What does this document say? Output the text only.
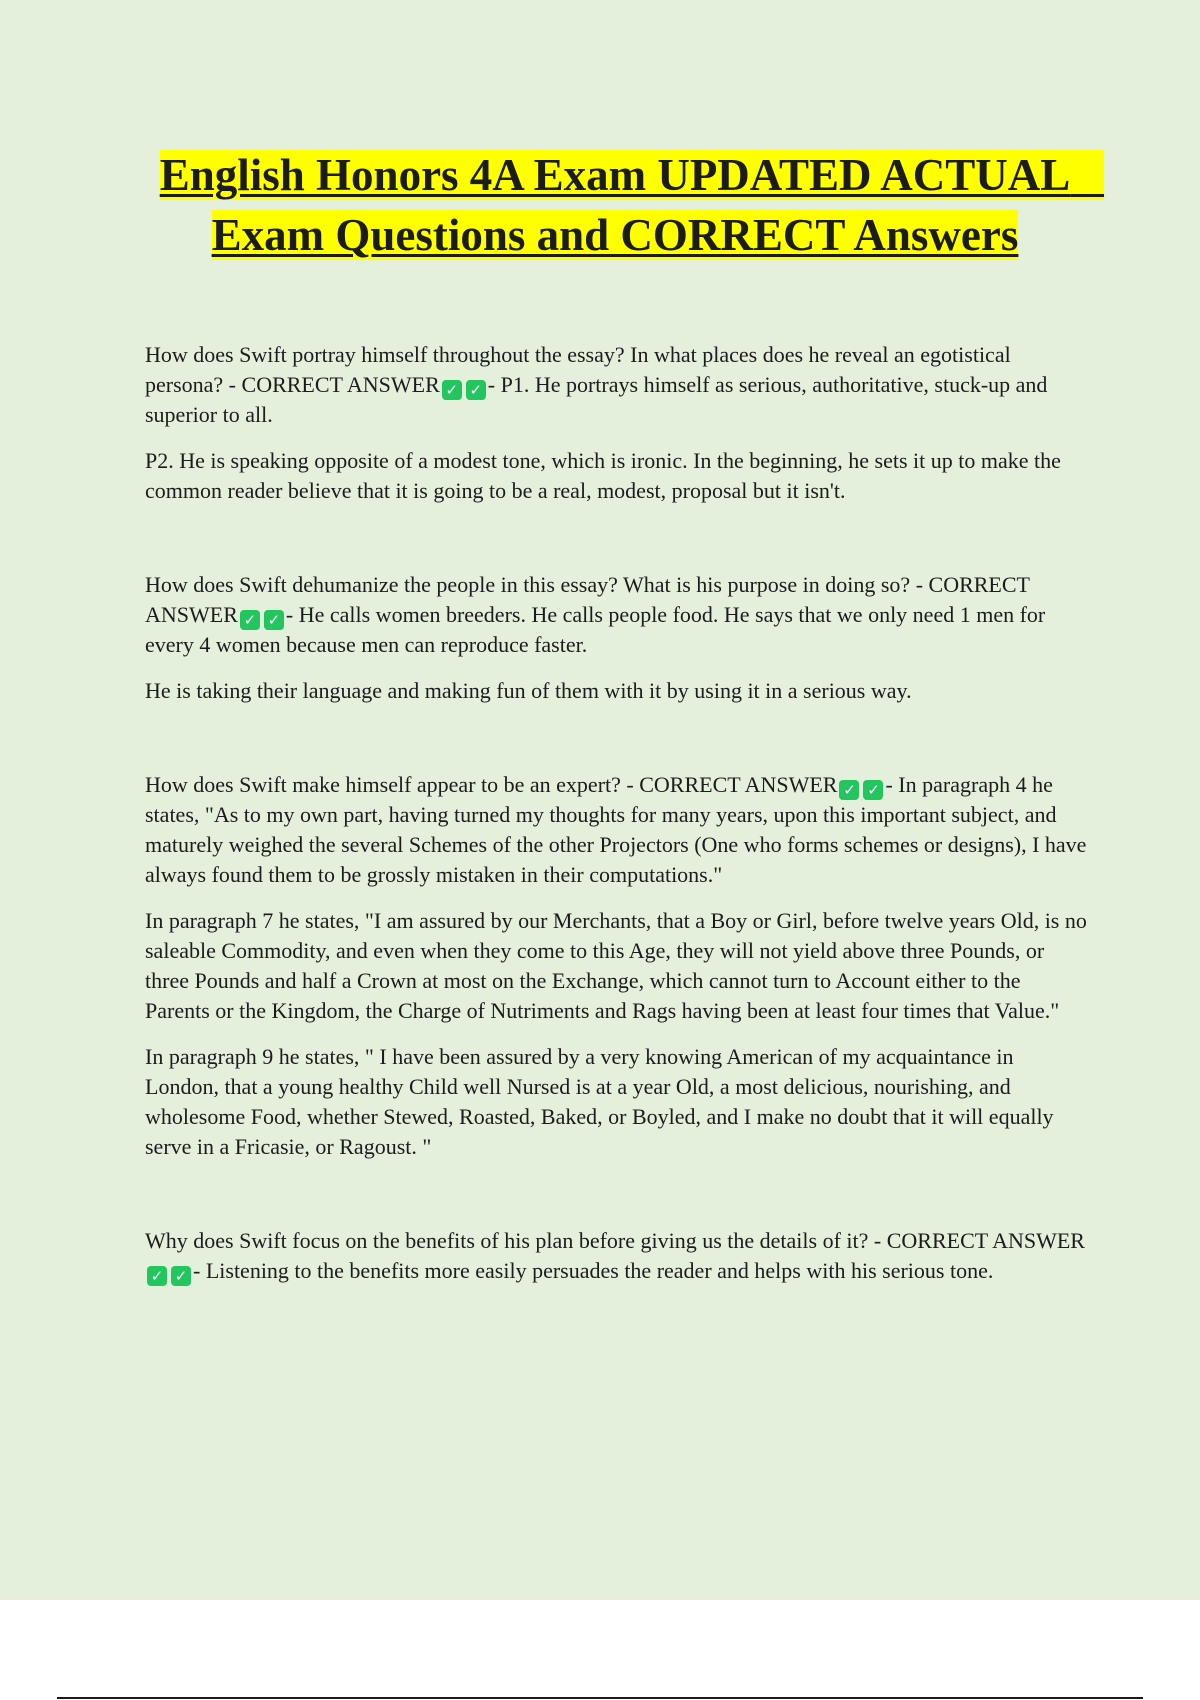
English Honors 4A Exam UPDATED ACTUAL   Exam Questions and CORRECT Answers

How does Swift portray himself throughout the essay? In what places does he reveal an egotistical persona? - CORRECT ANSWER ✓ ✓ - P1. He portrays himself as serious, authoritative, stuck-up and superior to all.

P2. He is speaking opposite of a modest tone, which is ironic. In the beginning, he sets it up to make the common reader believe that it is going to be a real, modest, proposal but it isn't.

How does Swift dehumanize the people in this essay? What is his purpose in doing so? - CORRECT ANSWER ✓ ✓ - He calls women breeders. He calls people food. He says that we only need 1 men for every 4 women because men can reproduce faster.

He is taking their language and making fun of them with it by using it in a serious way.

How does Swift make himself appear to be an expert? - CORRECT ANSWER ✓ ✓ - In paragraph 4 he states, "As to my own part, having turned my thoughts for many years, upon this important subject, and maturely weighed the several Schemes of the other Projectors (One who forms schemes or designs), I have always found them to be grossly mistaken in their computations."

In paragraph 7 he states, "I am assured by our Merchants, that a Boy or Girl, before twelve years Old, is no saleable Commodity, and even when they come to this Age, they will not yield above three Pounds, or three Pounds and half a Crown at most on the Exchange, which cannot turn to Account either to the Parents or the Kingdom, the Charge of Nutriments and Rags having been at least four times that Value."

In paragraph 9 he states, " I have been assured by a very knowing American of my acquaintance in London, that a young healthy Child well Nursed is at a year Old, a most delicious, nourishing, and wholesome Food, whether Stewed, Roasted, Baked, or Boyled, and I make no doubt that it will equally serve in a Fricasie, or Ragoust. "

Why does Swift focus on the benefits of his plan before giving us the details of it? - CORRECT ANSWER✓ ✓ - Listening to the benefits more easily persuades the reader and helps with his serious tone.
